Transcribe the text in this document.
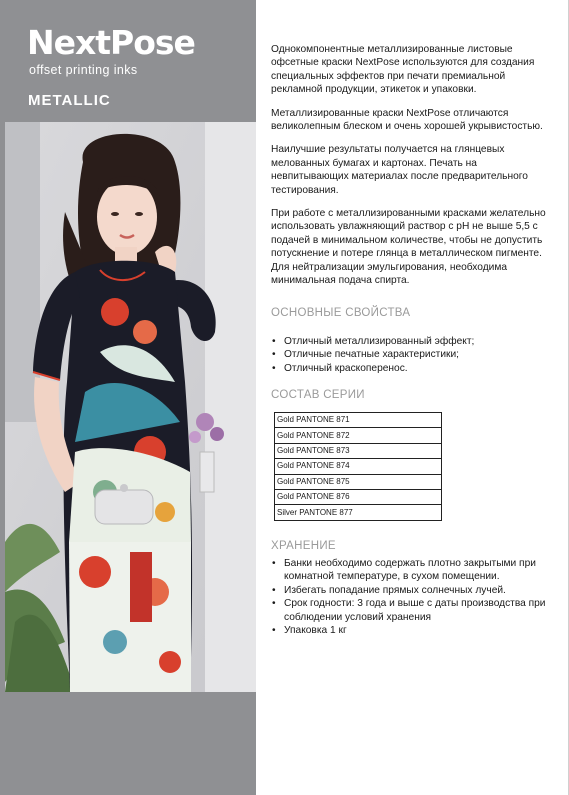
NextPose
offset printing inks
METALLIC

Однокомпонентные металлизированные листовые офсетные краски NextPose используются для создания специальных эффектов при печати премиальной рекламной продукции, этикеток и упаковки.

Металлизированные краски NextPose отличаются великолепным блеском и очень хорошей укрывистостью.

Наилучшие результаты получается на глянцевых мелованных бумагах и картонах. Печать на невпитывающих материалах после предварительного тестирования.

При работе с металлизированными красками желательно использовать увлажняющий раствор с pH не выше 5,5 с подачей в минимальном количестве, чтобы не допустить потускнение и потере глянца в металлическом пигменте. Для нейтрализации эмульгирования, необходима минимальная подача спирта.

ОСНОВНЫЕ СВОЙСТВА
• Отличный металлизированный эффект;
• Отличные печатные характеристики;
• Отличный краскоперенос.
СОСТАВ СЕРИИ
Gold PANTONE 871
Gold PANTONE 872
Gold PANTONE 873
Gold PANTONE 874
Gold PANTONE 875
Gold PANTONE 876
Silver PANTONE 877
ХРАНЕНИЕ
• Банки необходимо содержать плотно закрытыми при комнатной температуре, в сухом помещении.
• Избегать попадание прямых солнечных лучей.
• Срок годности: 3 года и выше с даты производства при соблюдении условий хранения
• Упаковка 1 кг
